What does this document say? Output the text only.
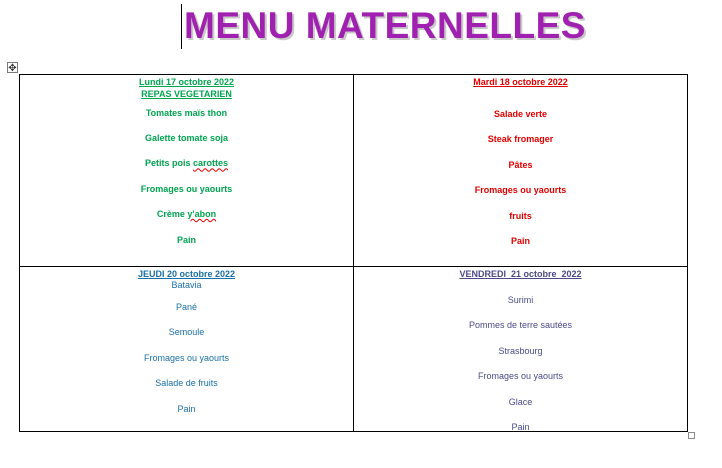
MENU MATERNELLES
✥
Lundi 17 octobre 2022
REPAS VEGETARIEN
Tomates maïs thon
Galette tomate soja
Petits pois carottes
Fromages ou yaourts
Crème y'abon
Pain
Mardi 18 octobre 2022
Salade verte
Steak fromager
Pâtes
Fromages ou yaourts
fruits
Pain
JEUDI 20 octobre 2022
Batavia
Pané
Semoule
Fromages ou yaourts
Salade de fruits
Pain
VENDREDI  21 octobre  2022
Surimi
Pommes de terre sautées
Strasbourg
Fromages ou yaourts
Glace
Pain
